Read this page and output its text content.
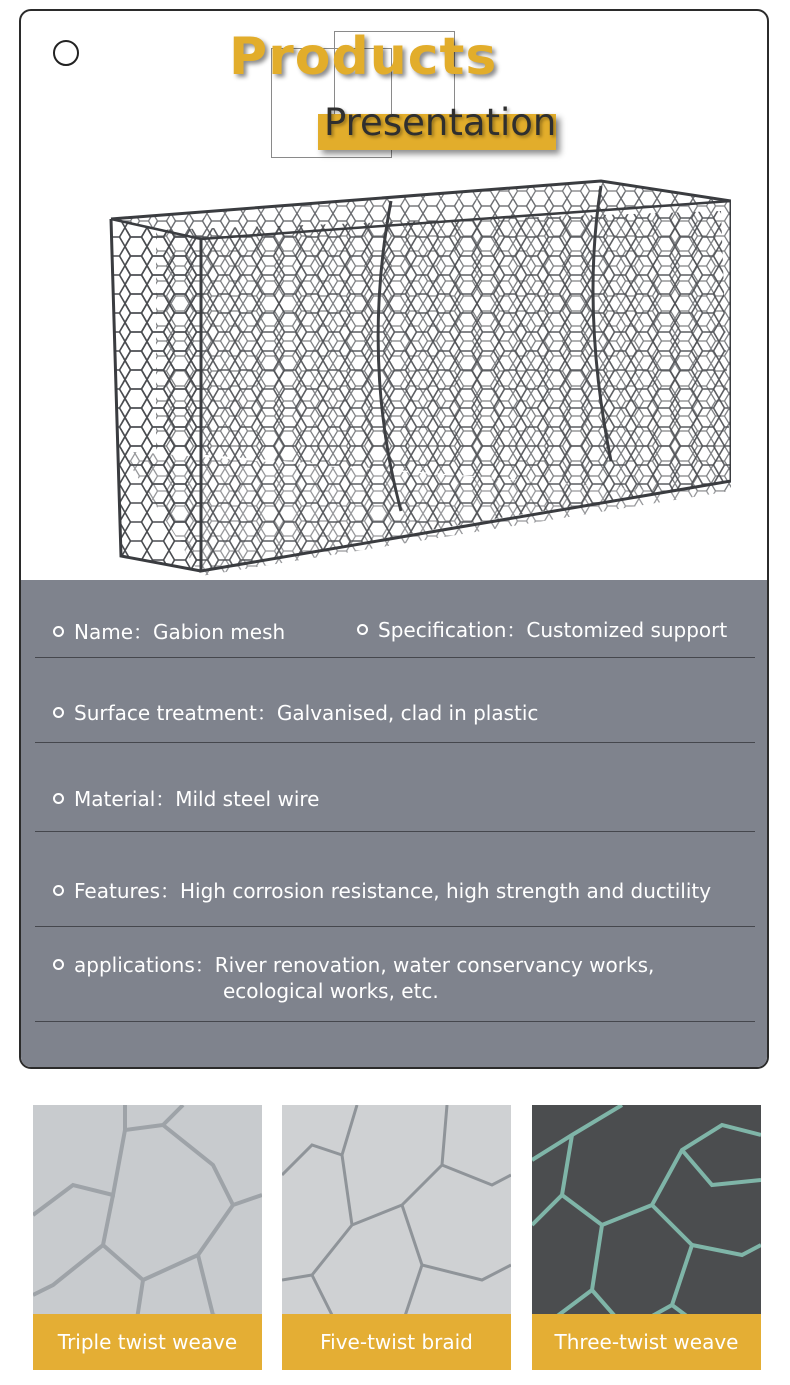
Products
Presentation
Name：Gabion mesh	Specification：Customized support
Surface treatment：Galvanised, clad in plastic
Material：Mild steel wire
Features：High corrosion resistance, high strength and ductility
applications：River renovation, water conservancy works,
ecological works, etc.
Triple twist weave	Five-twist braid	Three-twist weave
